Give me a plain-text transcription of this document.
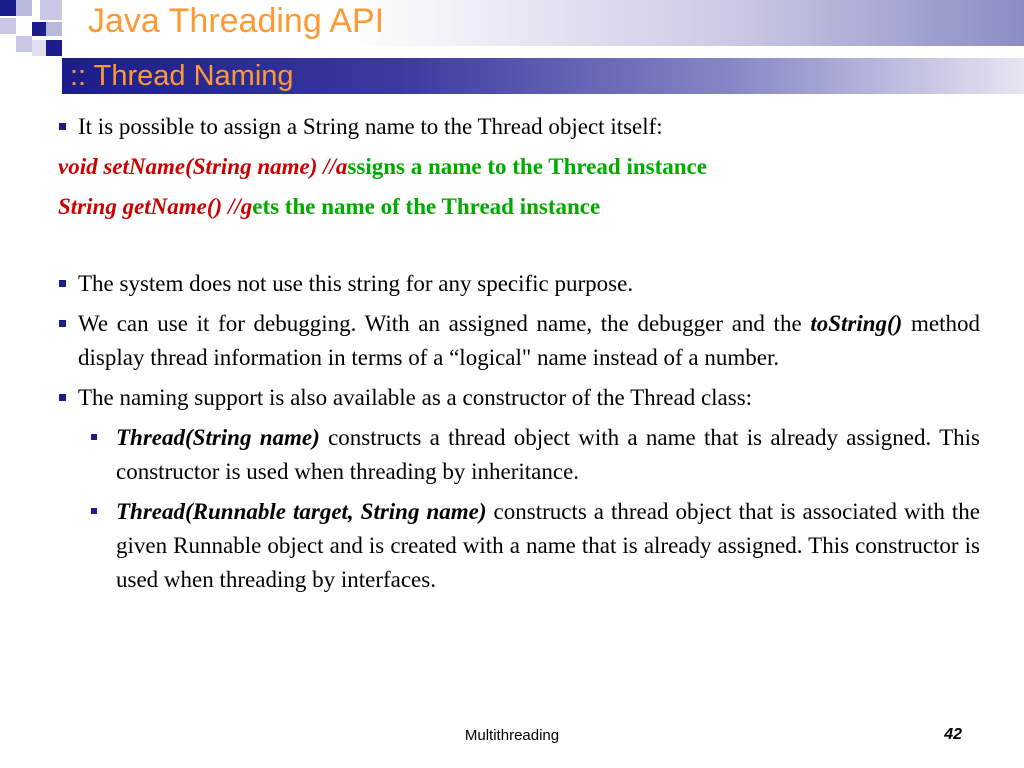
Java Threading API
:: Thread Naming
It is possible to assign a String name to the Thread object itself:
void setName(String name) //assigns a name to the Thread instance
String getName() //gets the name of the Thread instance
The system does not use this string for any specific purpose.
We can use it for debugging. With an assigned name, the debugger and the toString() method display thread information in terms of a “logical" name instead of a number.
The naming support is also available as a constructor of the Thread class:
Thread(String name) constructs a thread object with a name that is already assigned. This constructor is used when threading by inheritance.
Thread(Runnable target, String name) constructs a thread object that is associated with the given Runnable object and is created with a name that is already assigned. This constructor is used when threading by interfaces.
Multithreading	42
